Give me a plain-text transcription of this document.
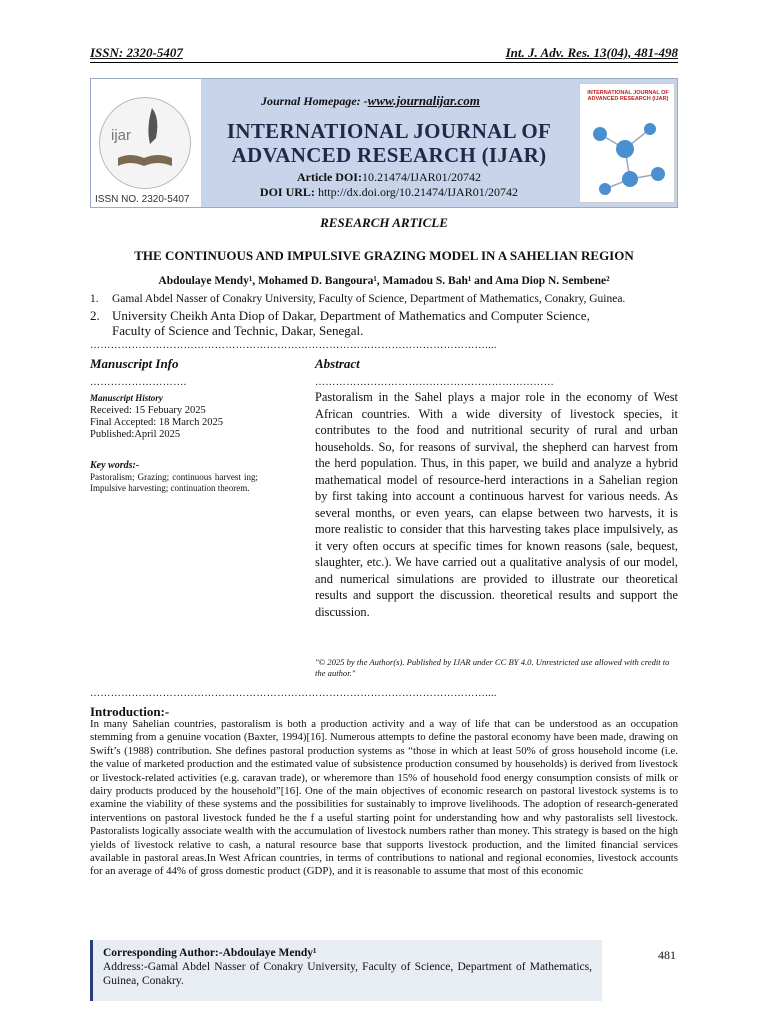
ISSN: 2320-5407	Int. J. Adv. Res. 13(04), 481-498
ijar
ISSN NO. 2320-5407
Journal Homepage: -www.journalijar.com
INTERNATIONAL JOURNAL OF
ADVANCED RESEARCH (IJAR)
Article DOI:10.21474/IJAR01/20742
DOI URL: http://dx.doi.org/10.21474/IJAR01/20742
INTERNATIONAL JOURNAL OF ADVANCED RESEARCH (IJAR)
RESEARCH ARTICLE
THE CONTINUOUS AND IMPULSIVE GRAZING MODEL IN A SAHELIAN REGION
Abdoulaye Mendy¹, Mohamed D. Bangoura¹, Mamadou S. Bah¹ and Ama Diop N. Sembene²
1. Gamal Abdel Nasser of Conakry University, Faculty of Science, Department of Mathematics, Conakry, Guinea.
2. University Cheikh Anta Diop of Dakar, Department of Mathematics and Computer Science,
Faculty of Science and Technic, Dakar, Senegal.
……………………………………………………………………………………………………....
Manuscript Info
……………………….
Manuscript History
Received: 15 Febuary 2025
Final Accepted: 18 March 2025
Published:April 2025
Key words:-
Pastoralism; Grazing; continuous harvest ing; Impulsive harvesting; continuation theorem.
Abstract
……………………………………………………………
Pastoralism in the Sahel plays a major role in the economy of West African countries. With a wide diversity of livestock species, it contributes to the food and nutritional security of rural and urban households. So, for reasons of survival, the shepherd can harvest from the herd population. Thus, in this paper, we build and analyze a hybrid mathematical model of resource-herd interactions in a Sahelian region by first taking into account a continuous harvest for various needs. As several months, or even years, can elapse between two harvests, it is more realistic to consider that this harvesting takes place impulsively, as it very often occurs at specific times for known reasons (sale, bequest, slaughter, etc.). We have carried out a qualitative analysis of our model, and numerical simulations are provided to illustrate our theoretical results and support the discussion. theoretical results and support the discussion.
"© 2025 by the Author(s). Published by IJAR under CC BY 4.0. Unrestricted use allowed with credit to the author."
……………………………………………………………………………………………………....
Introduction:-
In many Sahelian countries, pastoralism is both a production activity and a way of life that can be understood as an occupation stemming from a genuine vocation (Baxter, 1994)[16]. Numerous attempts to define the pastoral economy have been made, drawing on Swift’s (1988) contribution. She defines pastoral production systems as “those in which at least 50% of gross household income (i.e. the value of marketed production and the estimated value of subsistence production consumed by households) is derived from livestock or livestock-related activities (e.g. caravan trade), or wheremore than 15% of household food energy consumption consists of milk or dairy products produced by the household”[16]. One of the main objectives of economic research on pastoral livestock systems is to examine the viability of these systems and the possibilities for sustainably to improve livelihoods. The adoption of research-generated interventions on pastoral livestock funded he the f a useful starting point for understanding how and why pastoralists sell livestock. Pastoralists logically associate wealth with the accumulation of livestock numbers rather than money. This strategy is based on the high yields of livestock relative to cash, a natural resource base that supports livestock production, and the limited financial services available in pastoral areas.In West African countries, in terms of contributions to national and regional economies, livestock accounts for an average of 44% of gross domestic product (GDP), and it is reasonable to assume that most of this economic
Corresponding Author:-Abdoulaye Mendy¹
Address:-Gamal Abdel Nasser of Conakry University, Faculty of Science, Department of Mathematics, Guinea, Conakry.
481
